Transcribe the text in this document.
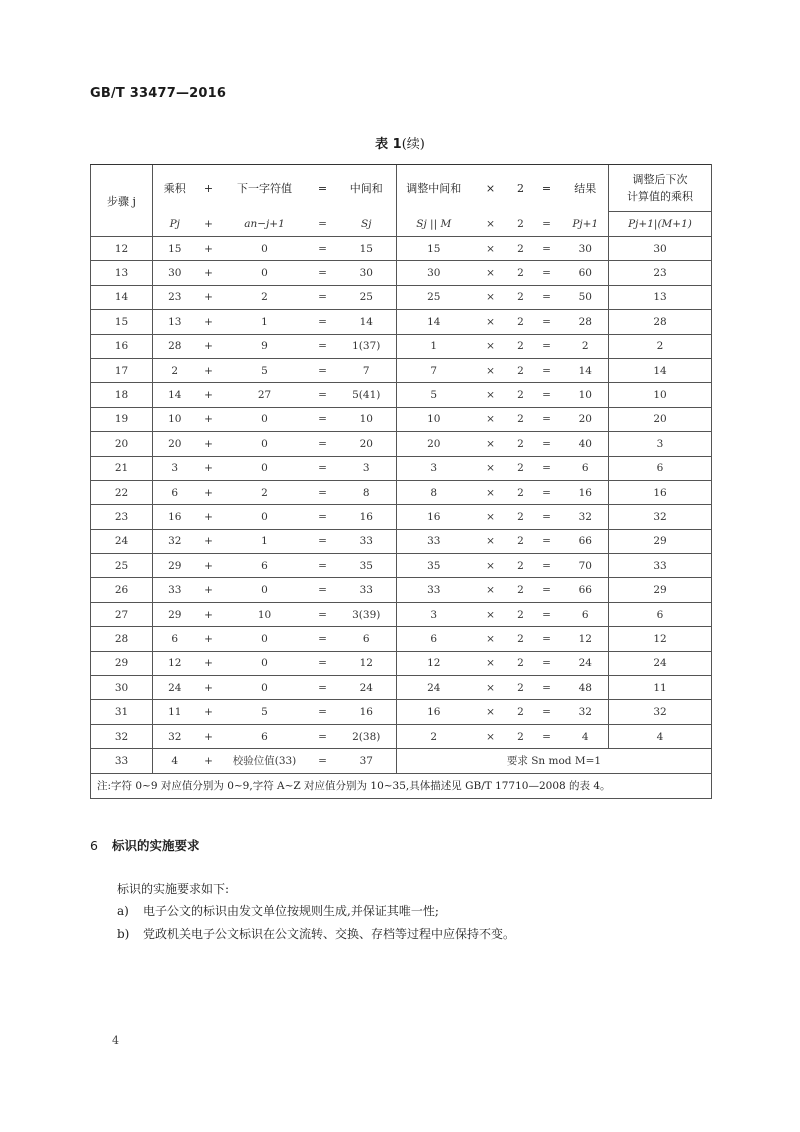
GB/T 33477—2016
表 1(续)
步骤 j	乘积	+	下一字符值	=	中间和	调整中间和	×	2	=	结果	调整后下次
计算值的乘积
	Pj	+	an−j+1	=	Sj	Sj || M	×	2	=	Pj+1	Pj+1|(M+1)
12	15	+	0	=	15	15	×	2	=	30	30
13	30	+	0	=	30	30	×	2	=	60	23
14	23	+	2	=	25	25	×	2	=	50	13
15	13	+	1	=	14	14	×	2	=	28	28
16	28	+	9	=	1(37)	1	×	2	=	2	2
17	2	+	5	=	7	7	×	2	=	14	14
18	14	+	27	=	5(41)	5	×	2	=	10	10
19	10	+	0	=	10	10	×	2	=	20	20
20	20	+	0	=	20	20	×	2	=	40	3
21	3	+	0	=	3	3	×	2	=	6	6
22	6	+	2	=	8	8	×	2	=	16	16
23	16	+	0	=	16	16	×	2	=	32	32
24	32	+	1	=	33	33	×	2	=	66	29
25	29	+	6	=	35	35	×	2	=	70	33
26	33	+	0	=	33	33	×	2	=	66	29
27	29	+	10	=	3(39)	3	×	2	=	6	6
28	6	+	0	=	6	6	×	2	=	12	12
29	12	+	0	=	12	12	×	2	=	24	24
30	24	+	0	=	24	24	×	2	=	48	11
31	11	+	5	=	16	16	×	2	=	32	32
32	32	+	6	=	2(38)	2	×	2	=	4	4
33	4	+	校验位值(33)	=	37	要求 Sn mod M=1					
注:字符 0~9 对应值分别为 0~9,字符 A~Z 对应值分别为 10~35,具体描述见 GB/T 17710—2008 的表 4。											
6 标识的实施要求
标识的实施要求如下:
a) 电子公文的标识由发文单位按规则生成,并保证其唯一性;
b) 党政机关电子公文标识在公文流转、交换、存档等过程中应保持不变。
4
